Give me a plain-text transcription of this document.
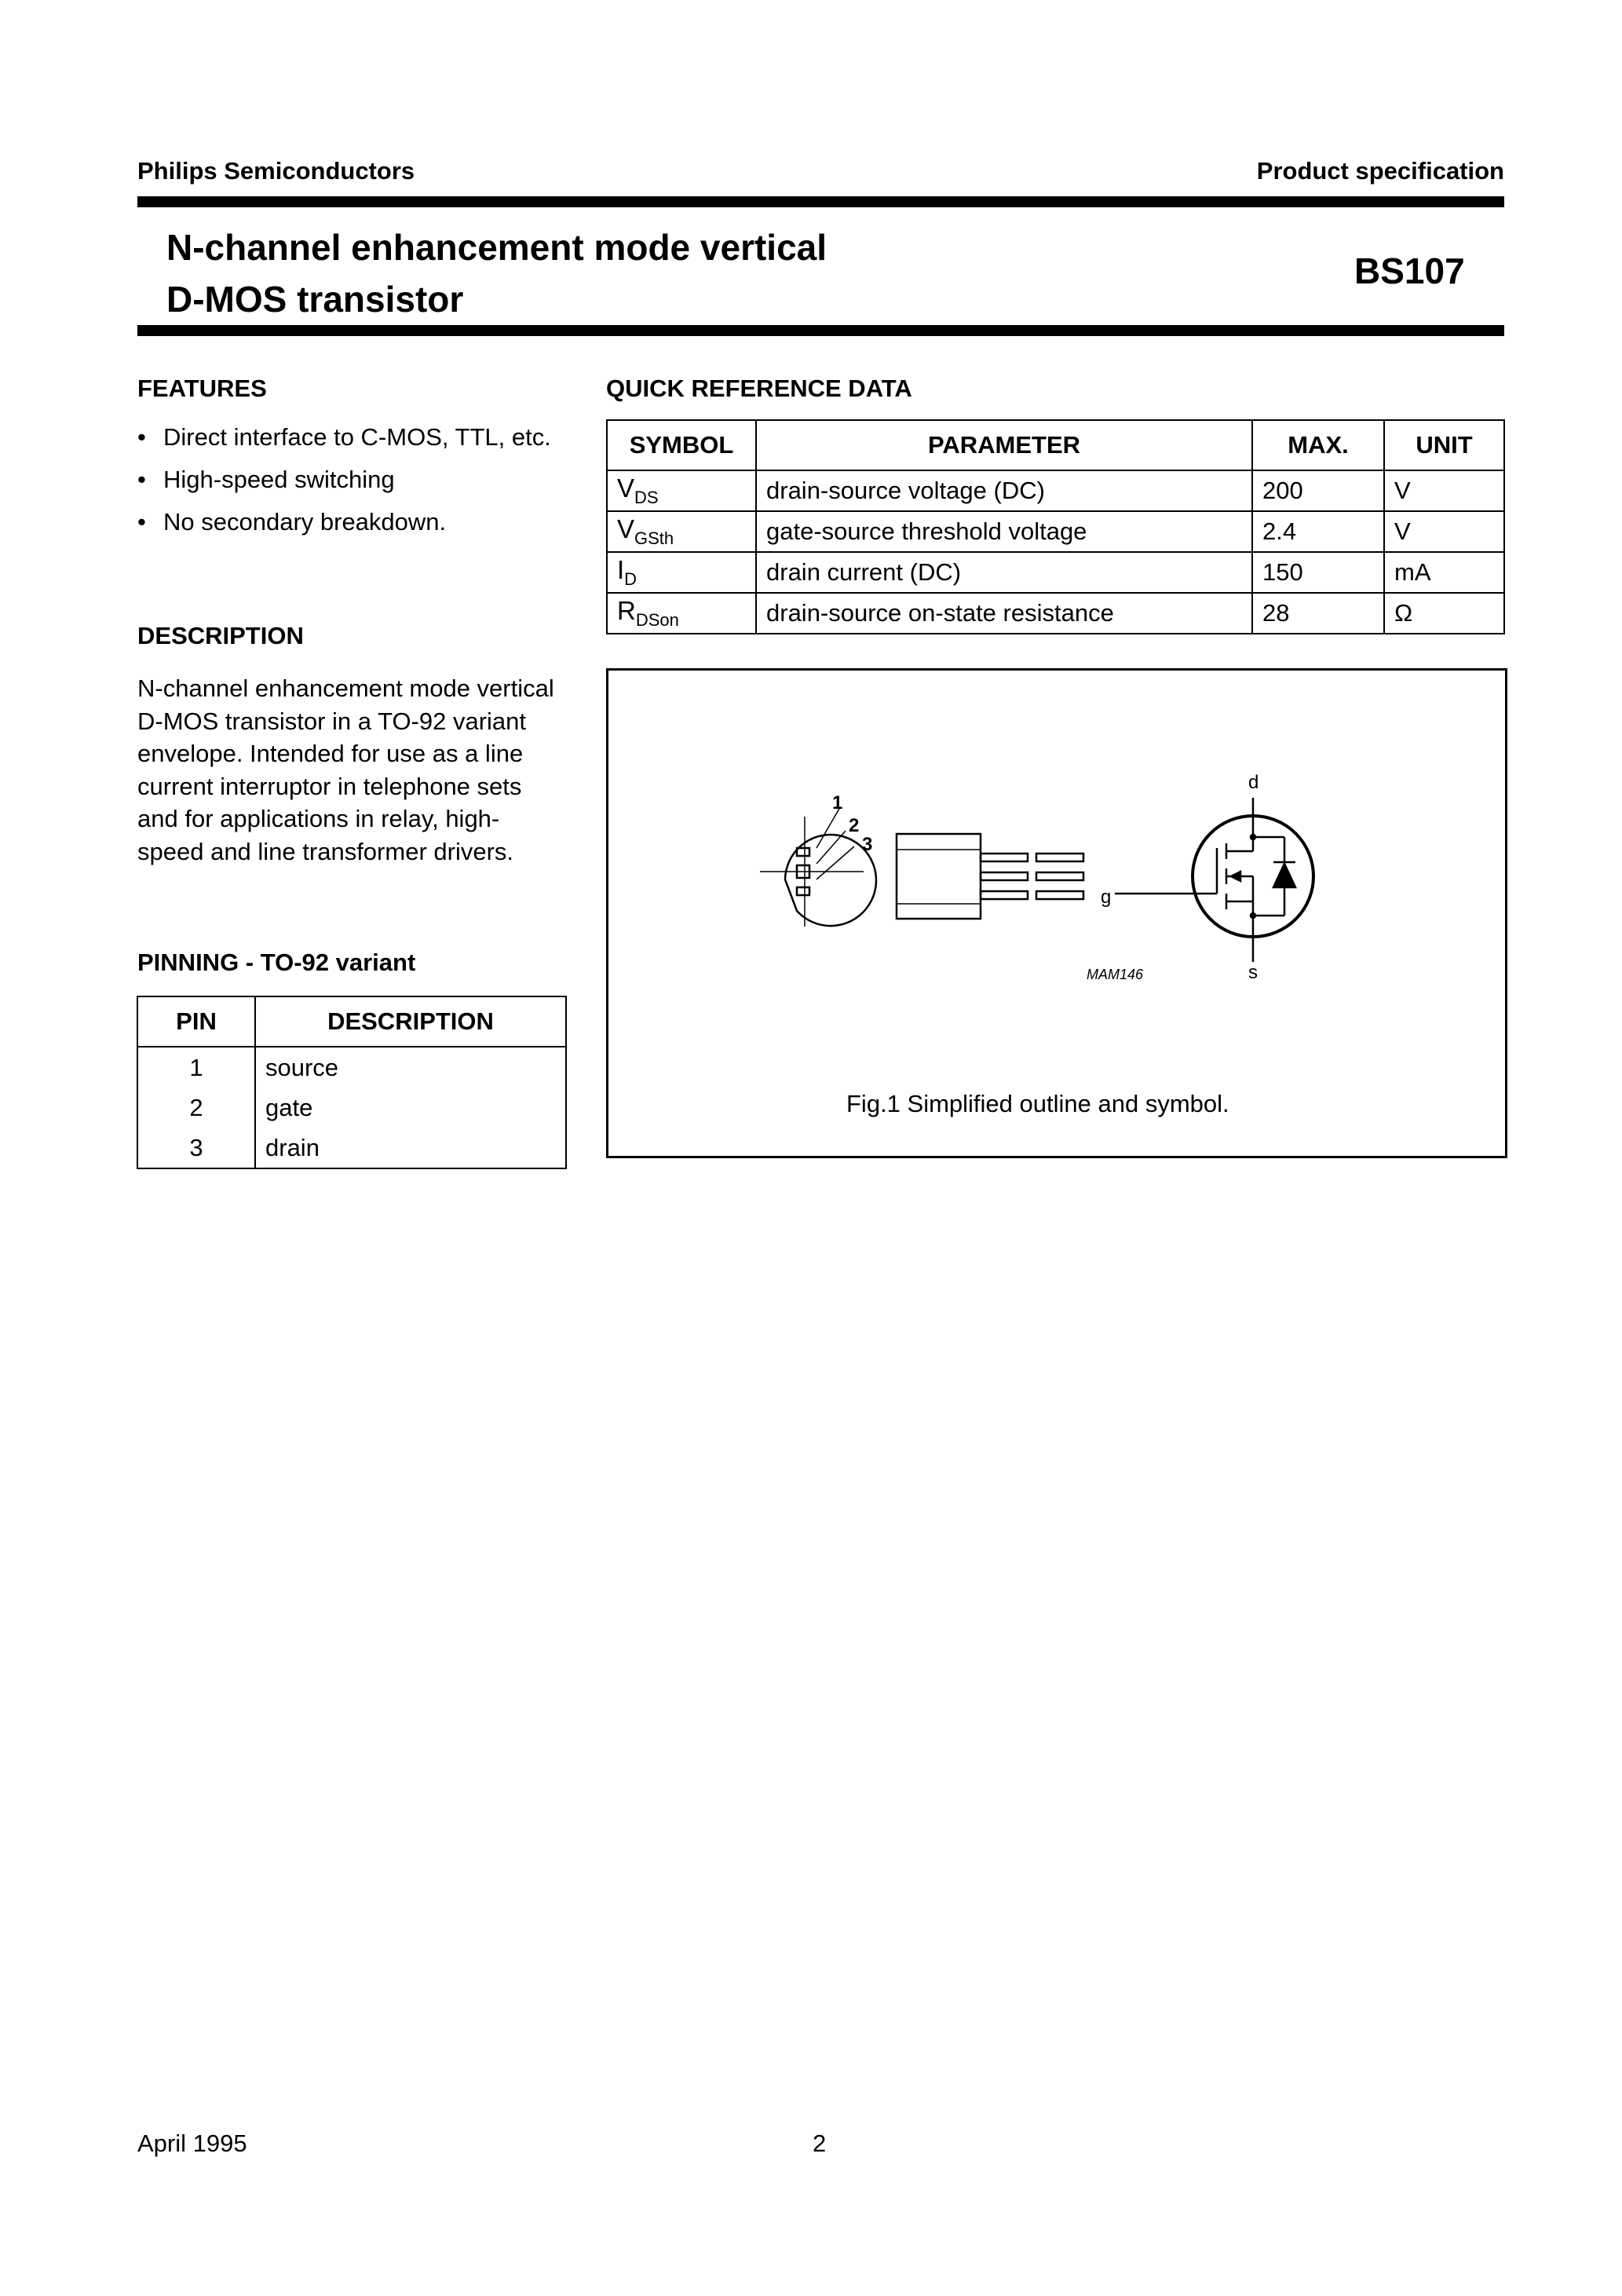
Philips Semiconductors	Product specification
N-channel enhancement mode vertical
D-MOS transistor
BS107
FEATURES
• Direct interface to C-MOS, TTL, etc.
• High-speed switching
• No secondary breakdown.
DESCRIPTION
N-channel enhancement mode vertical D-MOS transistor in a TO-92 variant envelope. Intended for use as a line current interruptor in telephone sets and for applications in relay, high-speed and line transformer drivers.
PINNING - TO-92 variant
PIN	DESCRIPTION
1	source
2	gate
3	drain
QUICK REFERENCE DATA
SYMBOL	PARAMETER	MAX.	UNIT
$V_{DS}$	drain-source voltage (DC)	200	V
$V_{GSth}$	gate-source threshold voltage	2.4	V
$I_D$	drain current (DC)	150	mA
$R_{DSon}$	drain-source on-state resistance	28	Ω
1
2
3
d
g
s
MAM146
Fig.1 Simplified outline and symbol.
April 1995	2
